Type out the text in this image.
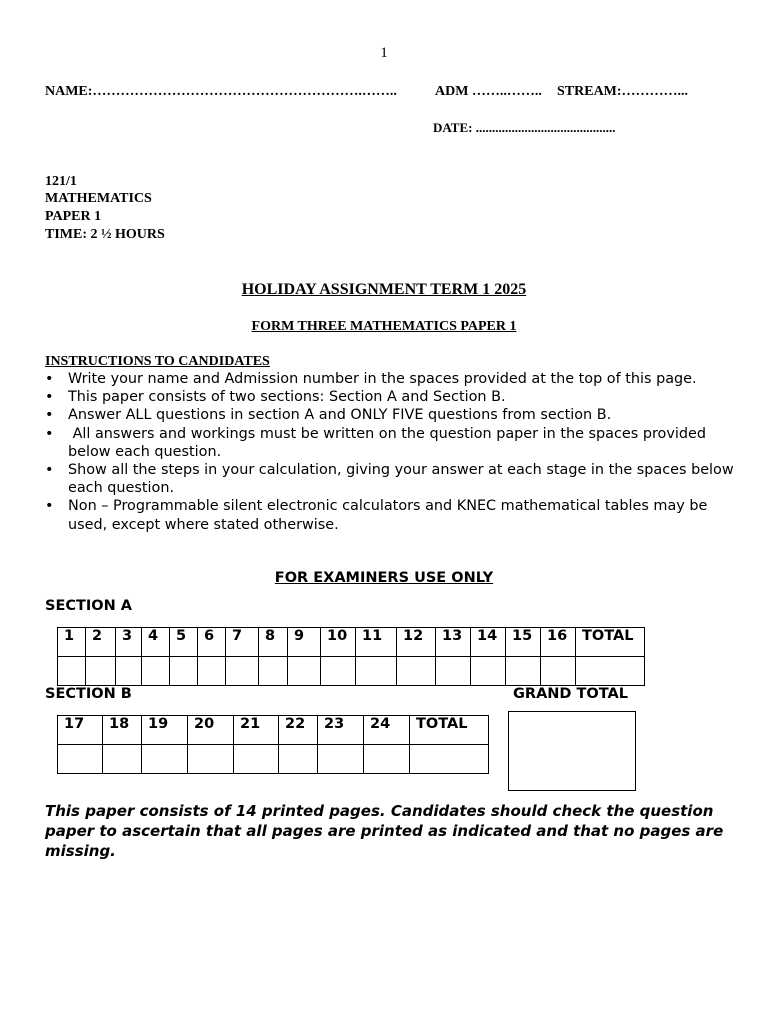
1
NAME:………………………………………………….……..	ADM ……..…….. STREAM:…………...
DATE: ...........................................
121/1
MATHEMATICS
PAPER 1
TIME: 2 ½ HOURS
HOLIDAY ASSIGNMENT TERM 1 2025
FORM THREE MATHEMATICS PAPER 1
INSTRUCTIONS TO CANDIDATES
• Write your name and Admission number in the spaces provided at the top of this page.
• This paper consists of two sections: Section A and Section B.
• Answer ALL questions in section A and ONLY FIVE questions from section B.
• All answers and workings must be written on the question paper in the spaces provided below each question.
• Show all the steps in your calculation, giving your answer at each stage in the spaces below each question.
• Non – Programmable silent electronic calculators and KNEC mathematical tables may be used, except where stated otherwise.
FOR EXAMINERS USE ONLY
SECTION A
1	2	3	4	5	6	7	8	9	10	11	12	13	14	15	16	TOTAL

SECTION B	GRAND TOTAL
17	18	19	20	21	22	23	24	TOTAL

This paper consists of 14 printed pages. Candidates should check the question paper to ascertain that all pages are printed as indicated and that no pages are missing.
